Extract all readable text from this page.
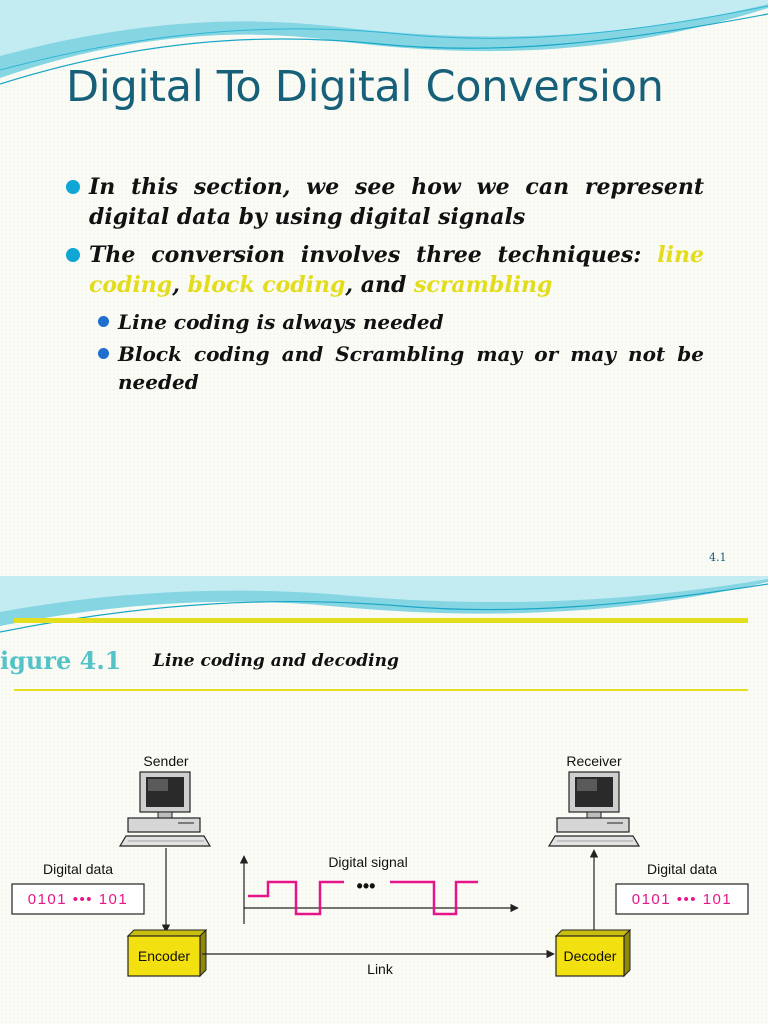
Digital To Digital Conversion
In this section, we see how we can represent digital data by using digital signals
The conversion involves three techniques: line coding, block coding, and scrambling
Line coding is always needed
Block coding and Scrambling may or may not be needed
4.1
igure 4.1 Line coding and decoding
Sender	Receiver
Digital data
0101 ••• 101
Digital data
0101 ••• 101
Encoder	Decoder
Link
Digital signal
•••
